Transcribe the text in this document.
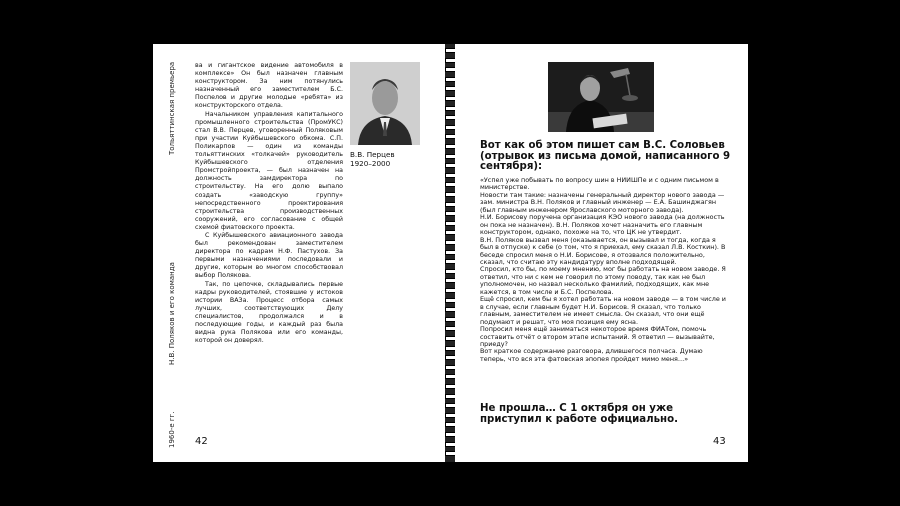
Тольяттинская премьера
Н.В. Поляков и его команда
1960-е гг.

ва и гигантское видение автомобиля в комплексе» Он был назначен главным конструктором. За ним потянулись назначенный его заместителем Б.С. Поспелов и другие молодые «ребята» из конструкторского отдела.

Начальником управления капитального промышленного строительства (ПромУКС) стал В.В. Перцев, уговоренный Поляковым при участии Куйбышевского обкома. С.П. Поликарпов — один из команды тольяттинских «толкачей» руководитель Куйбышевского отделения Промстройпроекта, — был назначен на должность замдиректора по строительству. На его долю выпало создать «заводскую группу» непосредственного проектирования строительства производственных сооружений, его согласование с общей схемой фиатовского проекта.

С Куйбышевского авиационного завода был рекомендован заместителем директора по кадрам Н.Ф. Пастухов. За первыми назначениями последовали и другие, которым во многом способствовал выбор Полякова.

Так, по цепочке, складывались первые кадры руководителей, стоявшие у истоков истории ВАЗа. Процесс отбора самых лучших, соответствующих Делу специалистов, продолжался и в последующие годы, и каждый раз была видна рука Полякова или его команды, которой он доверял.

В.В. Перцев
1920–2000
42
Вот как об этом пишет сам В.С. Соловьев (отрывок из письма домой, написанного 9 сентября):

«Успел уже побывать по вопросу шин в НИИШПе и с одним письмом в министерстве.

Новости там такие: назначены генеральный директор нового завода — зам. министра В.Н. Поляков и главный инженер — Е.А. Башинджагян (был главным инженером Ярославского моторного завода).

Н.И. Борисову поручена организация КЭО нового завода (на должность он пока не назначен). В.Н. Поляков хочет назначить его главным конструктором, однако, похоже на то, что ЦК не утвердит.

В.Н. Поляков вызвал меня (оказывается, он вызывал и тогда, когда я был в отпуске) к себе (о том, что я приехал, ему сказал Л.В. Косткин). В беседе спросил меня о Н.И. Борисове, я отозвался положительно, сказал, что считаю эту кандидатуру вполне подходящей.

Спросил, кто бы, по моему мнению, мог бы работать на новом заводе. Я ответил, что ни с кем не говорил по этому поводу, так как не был уполномочен, но назвал несколько фамилий, подходящих, как мне кажется, в том числе и Б.С. Поспелова.

Ещё спросил, кем бы я хотел работать на новом заводе — в том числе и в случае, если главным будет Н.И. Борисов. Я сказал, что только главным, заместителем не имеет смысла. Он сказал, что они ещё подумают и решат, что моя позиция ему ясна.

Попросил меня ещё заниматься некоторое время ФИАТом, помочь составить отчёт о втором этапе испытаний. Я ответил — вызывайте, приеду?

Вот краткое содержание разговора, длившегося полчаса. Думаю теперь, что вся эта фатовская эпопея пройдет мимо меня…»

Не прошла… С 1 октября он уже приступил к работе официально.
43
